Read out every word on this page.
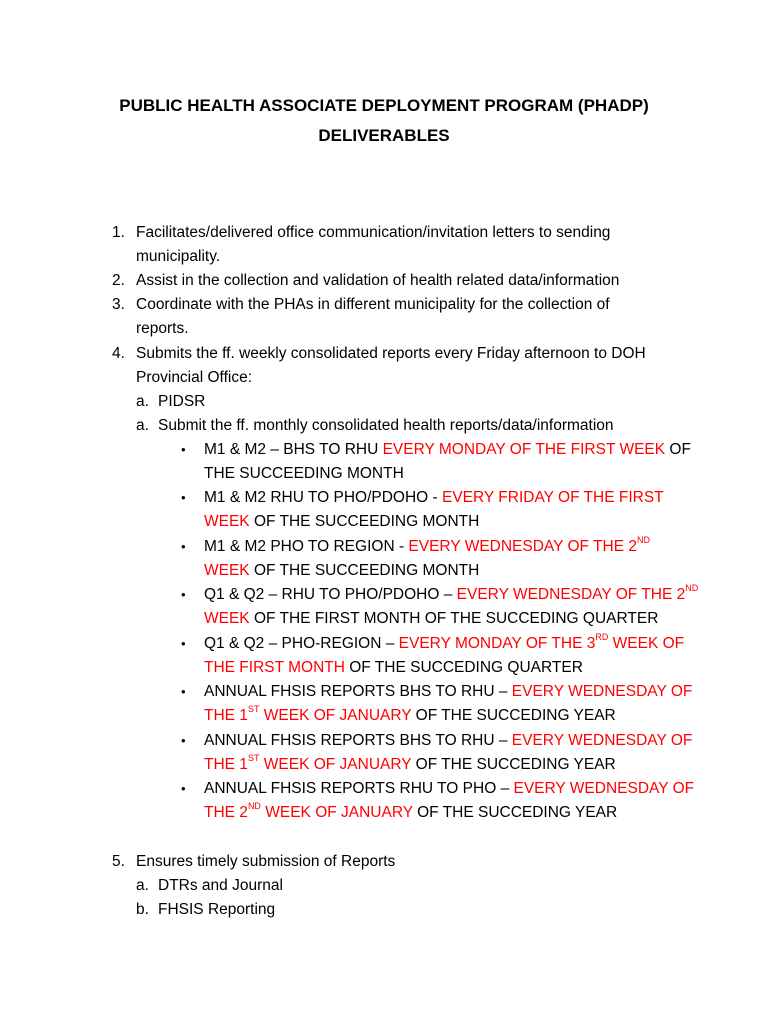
PUBLIC HEALTH ASSOCIATE DEPLOYMENT PROGRAM (PHADP)
DELIVERABLES
1. Facilitates/delivered office communication/invitation letters to sending
municipality.
2. Assist in the collection and validation of health related data/information
3. Coordinate with the PHAs in different municipality for the collection of
reports.
4. Submits the ff. weekly consolidated reports every Friday afternoon to DOH
Provincial Office:
a. PIDSR
a. Submit the ff. monthly consolidated health reports/data/information
• M1 & M2 – BHS TO RHU EVERY MONDAY OF THE FIRST WEEK OF
THE SUCCEEDING MONTH
• M1 & M2 RHU TO PHO/PDOHO - EVERY FRIDAY OF THE FIRST
WEEK OF THE SUCCEEDING MONTH
• M1 & M2 PHO TO REGION - EVERY WEDNESDAY OF THE 2ND
WEEK OF THE SUCCEEDING MONTH
• Q1 & Q2 – RHU TO PHO/PDOHO – EVERY WEDNESDAY OF THE 2ND
WEEK OF THE FIRST MONTH OF THE SUCCEDING QUARTER
• Q1 & Q2 – PHO-REGION – EVERY MONDAY OF THE 3RD WEEK OF
THE FIRST MONTH OF THE SUCCEDING QUARTER
• ANNUAL FHSIS REPORTS BHS TO RHU – EVERY WEDNESDAY OF
THE 1ST WEEK OF JANUARY OF THE SUCCEDING YEAR
• ANNUAL FHSIS REPORTS BHS TO RHU – EVERY WEDNESDAY OF
THE 1ST WEEK OF JANUARY OF THE SUCCEDING YEAR
• ANNUAL FHSIS REPORTS RHU TO PHO – EVERY WEDNESDAY OF
THE 2ND WEEK OF JANUARY OF THE SUCCEDING YEAR
5. Ensures timely submission of Reports
a. DTRs and Journal
b. FHSIS Reporting
